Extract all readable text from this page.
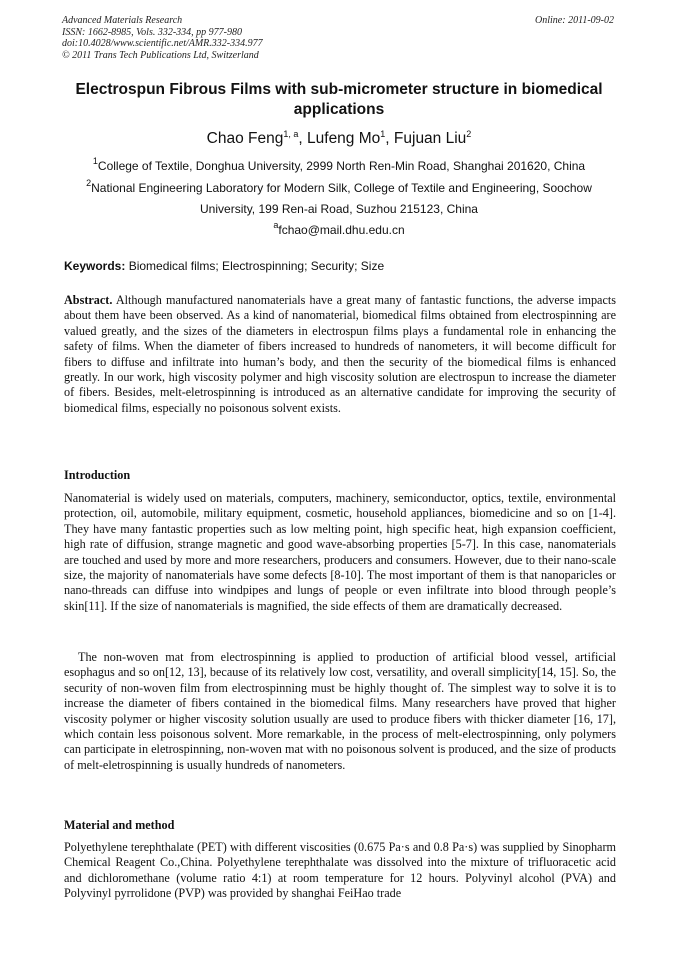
Advanced Materials Research
ISSN: 1662-8985, Vols. 332-334, pp 977-980
doi:10.4028/www.scientific.net/AMR.332-334.977
© 2011 Trans Tech Publications Ltd, Switzerland
Online: 2011-09-02
Electrospun Fibrous Films with sub-micrometer structure in biomedical applications
Chao Feng$^{1, a}$, Lufeng Mo$^1$, Fujuan Liu$^2$
$^1$College of Textile, Donghua University, 2999 North Ren-Min Road, Shanghai 201620, China
$^2$National Engineering Laboratory for Modern Silk, College of Textile and Engineering, Soochow
University, 199 Ren-ai Road, Suzhou 215123, China
$^a$fchao@mail.dhu.edu.cn
Keywords: Biomedical films; Electrospinning; Security; Size
Abstract. Although manufactured nanomaterials have a great many of fantastic functions, the adverse impacts about them have been observed. As a kind of nanomaterial, biomedical films obtained from electrospinning are valued greatly, and the sizes of the diameters in electrospun films plays a fundamental role in enhancing the safety of films. When the diameter of fibers increased to hundreds of nanometers, it will become difficult for fibers to diffuse and infiltrate into human’s body, and then the security of the biomedical films is enhanced greatly. In our work, high viscosity polymer and high viscosity solution are electrospun to increase the diameter of fibers. Besides, melt-eletrospinning is introduced as an alternative candidate for improving the security of biomedical films, especially no poisonous solvent exists.
Introduction
Nanomaterial is widely used on materials, computers, machinery, semiconductor, optics, textile, environmental protection, oil, automobile, military equipment, cosmetic, household appliances, biomedicine and so on [1-4]. They have many fantastic properties such as low melting point, high specific heat, high expansion coefficient, high rate of diffusion, strange magnetic and good wave-absorbing properties [5-7]. In this case, nanomaterials are touched and used by more and more researchers, producers and consumers. However, due to their nano-scale size, the majority of nanomaterials have some defects [8-10]. The most important of them is that nanoparicles or nano-threads can diffuse into windpipes and lungs of people or even infiltrate into blood through people’s skin[11]. If the size of nanomaterials is magnified, the side effects of them are dramatically decreased.
The non-woven mat from electrospinning is applied to production of artificial blood vessel, artificial esophagus and so on[12, 13], because of its relatively low cost, versatility, and overall simplicity[14, 15]. So, the security of non-woven film from electrospinning must be highly thought of. The simplest way to solve it is to increase the diameter of fibers contained in the biomedical films. Many researchers have proved that higher viscosity polymer or higher viscosity solution usually are used to produce fibers with thicker diameter [16, 17], which contain less poisonous solvent. More remarkable, in the process of melt-electrospinning, only polymers can participate in eletrospinning, non-woven mat with no poisonous solvent is produced, and the size of products of melt-eletrospinning is usually hundreds of nanometers.
Material and method
Polyethylene terephthalate (PET) with different viscosities (0.675 Pa·s and 0.8 Pa·s) was supplied by Sinopharm Chemical Reagent Co.,China. Polyethylene terephthalate was dissolved into the mixture of trifluoracetic acid and dichloromethane (volume ratio 4:1) at room temperature for 12 hours. Polyvinyl alcohol (PVA) and Polyvinyl pyrrolidone (PVP) was provided by shanghai FeiHao trade
